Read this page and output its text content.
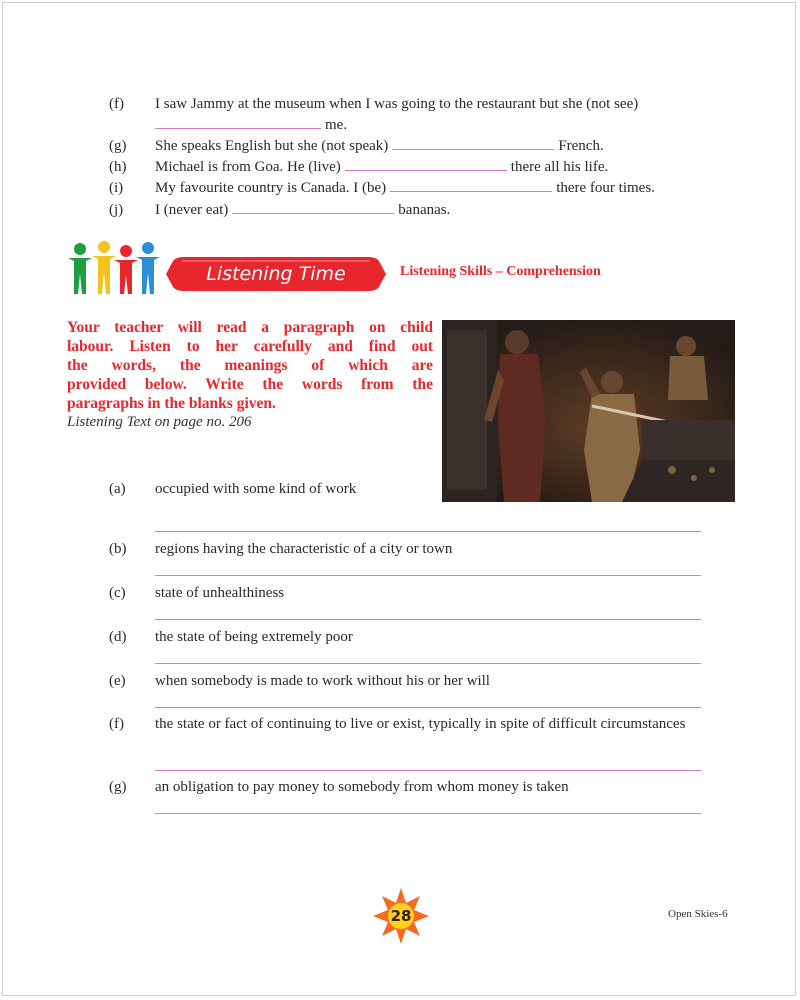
(f)	I saw Jammy at the museum when I was going to the restaurant but she (not see)
me.
(g)	She speaks English but she (not speak)	French.
(h)	Michael is from Goa. He (live)	there all his life.
(i)	My favourite country is Canada. I (be)	there four times.
(j)	I (never eat)	bananas.
Listening Time	Listening Skills – Comprehension
Your teacher will read a paragraph on child
labour. Listen to her carefully and find out
the words, the meanings of which are
provided below. Write the words from the
paragraphs in the blanks given.
Listening Text on page no. 206
(a)	occupied with some kind of work
(b)	regions having the characteristic of a city or town
(c)	state of unhealthiness
(d)	the state of being extremely poor
(e)	when somebody is made to work without his or her will
(f)	the state or fact of continuing to live or exist, typically in spite of difficult circumstances
(g)	an obligation to pay money to somebody from whom money is taken
28	Open Skies-6
